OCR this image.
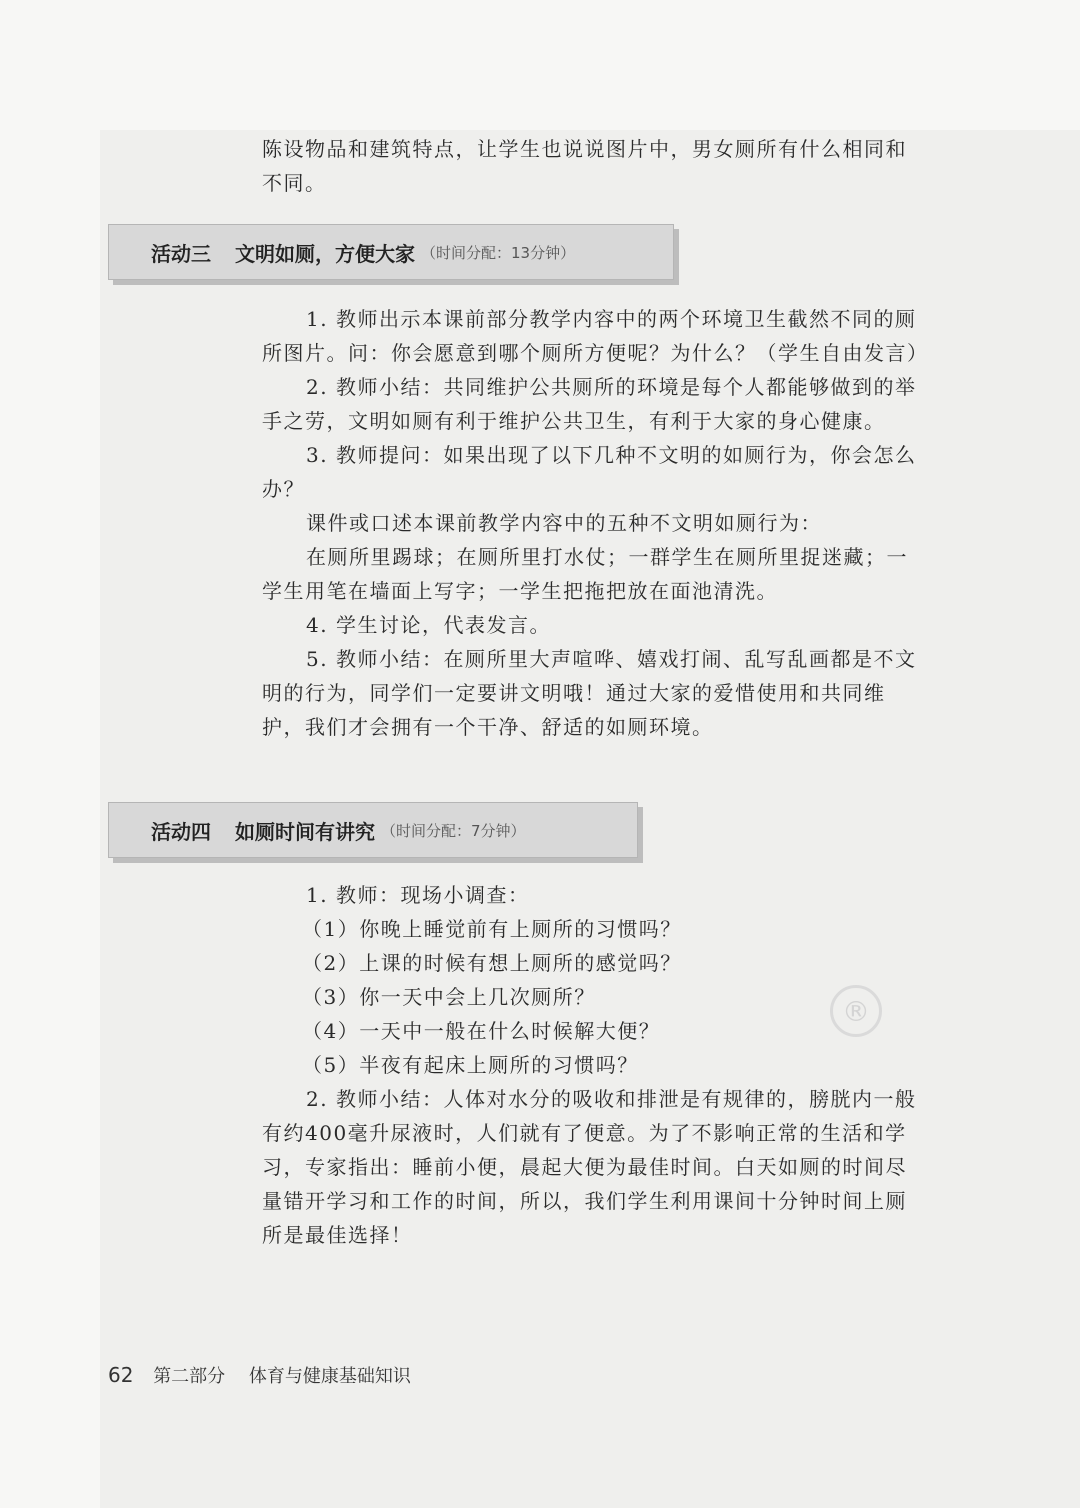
陈设物品和建筑特点，让学生也说说图片中，男女厕所有什么相同和不同。

活动三 文明如厕，方便大家 （时间分配：13分钟）

1. 教师出示本课前部分教学内容中的两个环境卫生截然不同的厕所图片。问：你会愿意到哪个厕所方便呢？为什么？（学生自由发言）

2. 教师小结：共同维护公共厕所的环境是每个人都能够做到的举手之劳，文明如厕有利于维护公共卫生，有利于大家的身心健康。

3. 教师提问：如果出现了以下几种不文明的如厕行为，你会怎么办？

课件或口述本课前教学内容中的五种不文明如厕行为：

在厕所里踢球；在厕所里打水仗；一群学生在厕所里捉迷藏；一学生用笔在墙面上写字；一学生把拖把放在面池清洗。

4. 学生讨论，代表发言。

5. 教师小结：在厕所里大声喧哗、嬉戏打闹、乱写乱画都是不文明的行为，同学们一定要讲文明哦！通过大家的爱惜使用和共同维护，我们才会拥有一个干净、舒适的如厕环境。

活动四 如厕时间有讲究 （时间分配：7分钟）

1. 教师：现场小调查：

（1）你晚上睡觉前有上厕所的习惯吗？

（2）上课的时候有想上厕所的感觉吗？

（3）你一天中会上几次厕所？

（4）一天中一般在什么时候解大便？

（5）半夜有起床上厕所的习惯吗？

2. 教师小结：人体对水分的吸收和排泄是有规律的，膀胱内一般有约400毫升尿液时，人们就有了便意。为了不影响正常的生活和学习，专家指出：睡前小便，晨起大便为最佳时间。白天如厕的时间尽量错开学习和工作的时间，所以，我们学生利用课间十分钟时间上厕所是最佳选择！

®
62 第二部分 体育与健康基础知识
